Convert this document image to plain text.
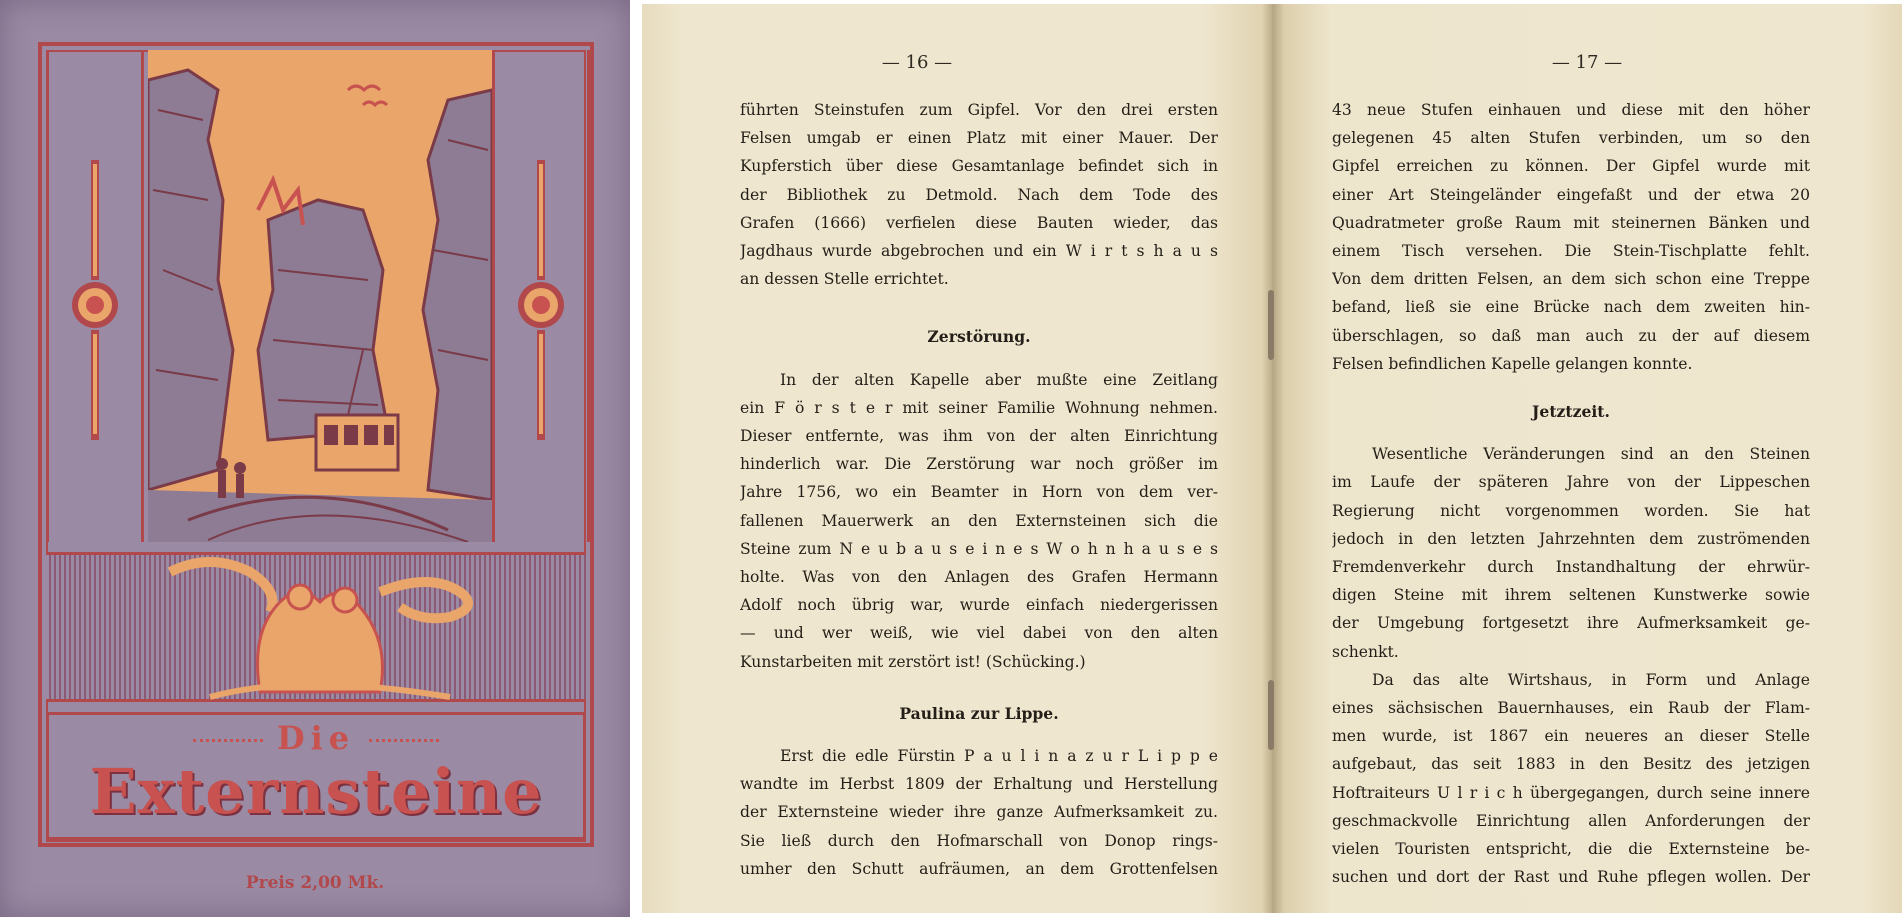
Die
Externsteine
Preis 2,00 Mk.
— 16 —
führten Steinstufen zum Gipfel. Vor den drei ersten
Felsen umgab er einen Platz mit einer Mauer. Der
Kupferstich über diese Gesamtanlage befindet sich in
der Bibliothek zu Detmold. Nach dem Tode des
Grafen (1666) verfielen diese Bauten wieder, das
Jagdhaus wurde abgebrochen und ein W i r t s h a u s
an dessen Stelle errichtet.
Zerstörung.
In der alten Kapelle aber mußte eine Zeitlang
ein F ö r s t e r mit seiner Familie Wohnung nehmen.
Dieser entfernte, was ihm von der alten Einrichtung
hinderlich war. Die Zerstörung war noch größer im
Jahre 1756, wo ein Beamter in Horn von dem ver-
fallenen Mauerwerk an den Externsteinen sich die
Steine zum N e u b a u s e i n e s W o h n h a u s e s
holte. Was von den Anlagen des Grafen Hermann
Adolf noch übrig war, wurde einfach niedergerissen
— und wer weiß, wie viel dabei von den alten
Kunstarbeiten mit zerstört ist! (Schücking.)
Paulina zur Lippe.
Erst die edle Fürstin P a u l i n a z u r L i p p e
wandte im Herbst 1809 der Erhaltung und Herstellung
der Externsteine wieder ihre ganze Aufmerksamkeit zu.
Sie ließ durch den Hofmarschall von Donop rings-
umher den Schutt aufräumen, an dem Grottenfelsen
— 17 —
43 neue Stufen einhauen und diese mit den höher
gelegenen 45 alten Stufen verbinden, um so den
Gipfel erreichen zu können. Der Gipfel wurde mit
einer Art Steingeländer eingefaßt und der etwa 20
Quadratmeter große Raum mit steinernen Bänken und
einem Tisch versehen. Die Stein-Tischplatte fehlt.
Von dem dritten Felsen, an dem sich schon eine Treppe
befand, ließ sie eine Brücke nach dem zweiten hin-
überschlagen, so daß man auch zu der auf diesem
Felsen befindlichen Kapelle gelangen konnte.
Jetztzeit.
Wesentliche Veränderungen sind an den Steinen
im Laufe der späteren Jahre von der Lippeschen
Regierung nicht vorgenommen worden. Sie hat
jedoch in den letzten Jahrzehnten dem zuströmenden
Fremdenverkehr durch Instandhaltung der ehrwür-
digen Steine mit ihrem seltenen Kunstwerke sowie
der Umgebung fortgesetzt ihre Aufmerksamkeit ge-
schenkt.
Da das alte Wirtshaus, in Form und Anlage
eines sächsischen Bauernhauses, ein Raub der Flam-
men wurde, ist 1867 ein neueres an dieser Stelle
aufgebaut, das seit 1883 in den Besitz des jetzigen
Hoftraiteurs U l r i c h übergegangen, durch seine innere
geschmackvolle Einrichtung allen Anforderungen der
vielen Touristen entspricht, die die Externsteine be-
suchen und dort der Rast und Ruhe pflegen wollen. Der
